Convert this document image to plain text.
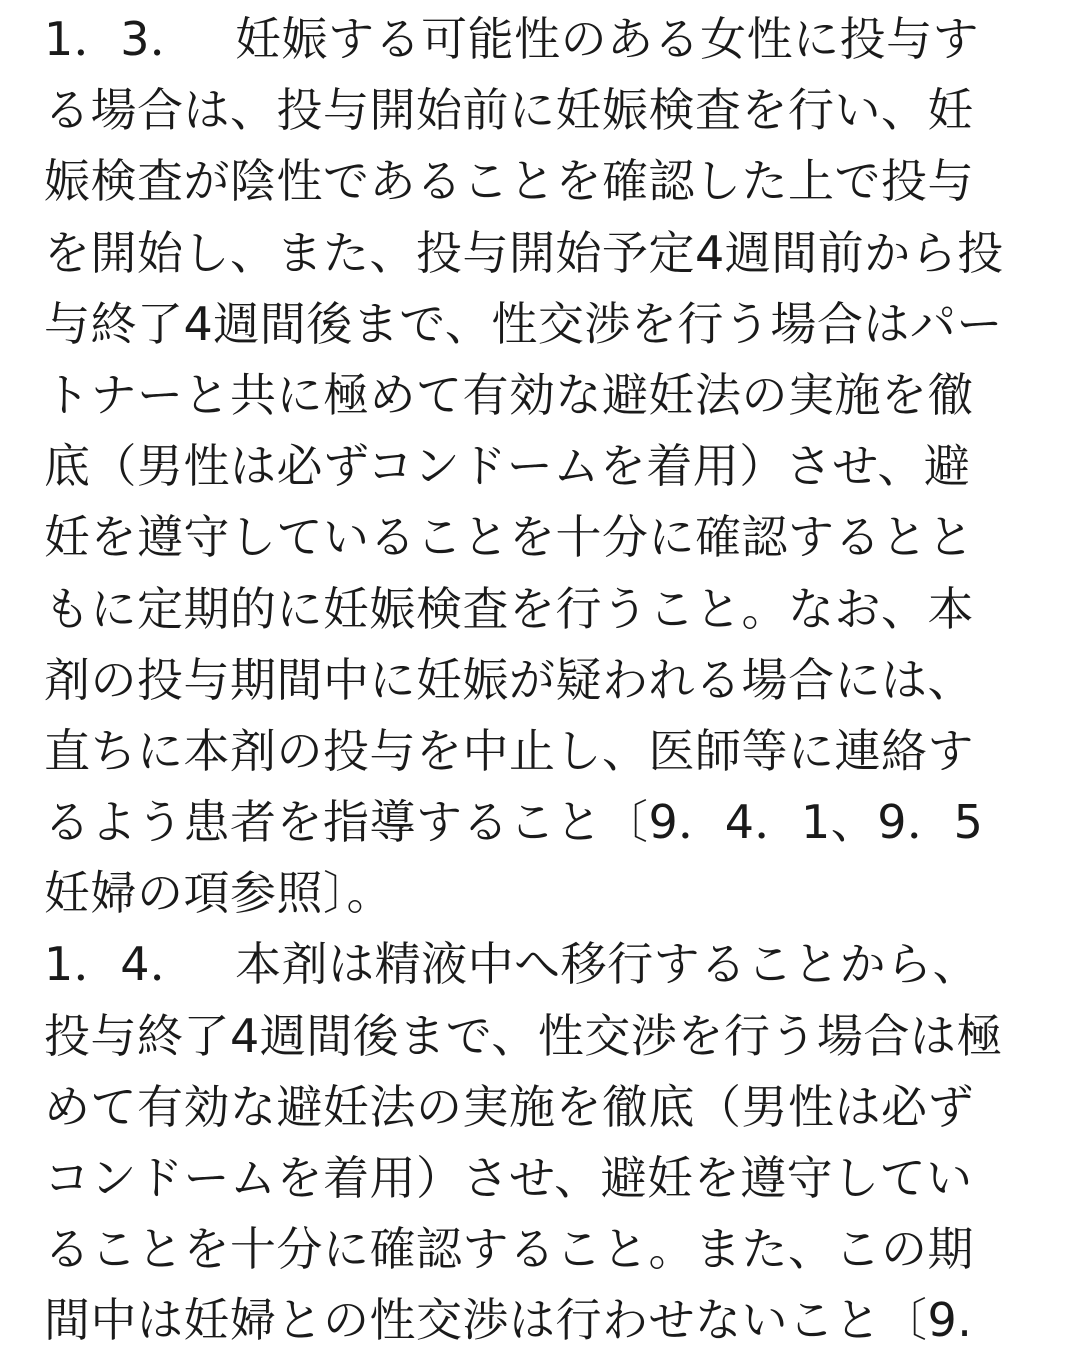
1．3．　 妊娠する可能性のある女性に投与す
る場合は、投与開始前に妊娠検査を行い、妊
娠検査が陰性であることを確認した上で投与
を開始し、また、投与開始予定4週間前から投
与終了4週間後まで、性交渉を行う場合はパー
トナーと共に極めて有効な避妊法の実施を徹
底（男性は必ずコンドームを着用）させ、避
妊を遵守していることを十分に確認するとと
もに定期的に妊娠検査を行うこと。なお、本
剤の投与期間中に妊娠が疑われる場合には、
直ちに本剤の投与を中止し、医師等に連絡す
るよう患者を指導すること〔9．4．1、9．5
妊婦の項参照〕。
1．4．　 本剤は精液中へ移行することから、
投与終了4週間後まで、性交渉を行う場合は極
めて有効な避妊法の実施を徹底（男性は必ず
コンドームを着用）させ、避妊を遵守してい
ることを十分に確認すること。また、この期
間中は妊婦との性交渉は行わせないこと〔9.
